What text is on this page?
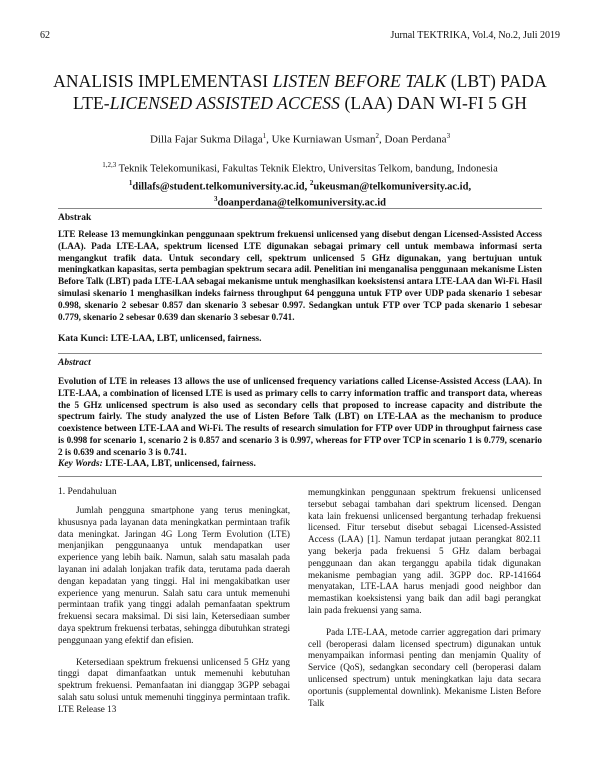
62	Jurnal TEKTRIKA, Vol.4, No.2, Juli 2019
ANALISIS IMPLEMENTASI LISTEN BEFORE TALK (LBT) PADA
LTE-LICENSED ASSISTED ACCESS (LAA) DAN WI-FI 5 GH
Dilla Fajar Sukma Dilaga$^1$, Uke Kurniawan Usman$^2$, Doan Perdana$^3$
$^{1,2,3}$ Teknik Telekomunikasi, Fakultas Teknik Elektro, Universitas Telkom, bandung, Indonesia
$^1$dillafs@student.telkomuniversity.ac.id, $^2$ukeusman@telkomuniversity.ac.id,
$^3$doanperdana@telkomuniversity.ac.id
Abstrak
LTE Release 13 memungkinkan penggunaan spektrum frekuensi unlicensed yang disebut dengan Licensed-Assisted Access (LAA). Pada LTE-LAA, spektrum licensed LTE digunakan sebagai primary cell untuk membawa informasi serta mengangkut trafik data. Untuk secondary cell, spektrum unlicensed 5 GHz digunakan, yang bertujuan untuk meningkatkan kapasitas, serta pembagian spektrum secara adil. Penelitian ini menganalisa penggunaan mekanisme Listen Before Talk (LBT) pada LTE-LAA sebagai mekanisme untuk menghasilkan koeksistensi antara LTE-LAA dan Wi-Fi. Hasil simulasi skenario 1 menghasilkan indeks fairness throughput 64 pengguna untuk FTP over UDP pada skenario 1 sebesar 0.998, skenario 2 sebesar 0.857 dan skenario 3 sebesar 0.997. Sedangkan untuk FTP over TCP pada skenario 1 sebesar 0.779, skenario 2 sebesar 0.639 dan skenario 3 sebesar 0.741.
Kata Kunci: LTE-LAA, LBT, unlicensed, fairness.
Abstract
Evolution of LTE in releases 13 allows the use of unlicensed frequency variations called License-Assisted Access (LAA). In LTE-LAA, a combination of licensed LTE is used as primary cells to carry information traffic and transport data, whereas the 5 GHz unlicensed spectrum is also used as secondary cells that proposed to increase capacity and distribute the spectrum fairly. The study analyzed the use of Listen Before Talk (LBT) on LTE-LAA as the mechanism to produce coexistence between LTE-LAA and Wi-Fi. The results of research simulation for FTP over UDP in throughput fairness case is 0.998 for scenario 1, scenario 2 is 0.857 and scenario 3 is 0.997, whereas for FTP over TCP in scenario 1 is 0.779, scenario 2 is 0.639 and scenario 3 is 0.741.
Key Words: LTE-LAA, LBT, unlicensed, fairness.
1. Pendahuluan

Jumlah pengguna smartphone yang terus meningkat, khususnya pada layanan data meningkatkan permintaan trafik data meningkat. Jaringan 4G Long Term Evolution (LTE) menjanjikan penggunaanya untuk mendapatkan user experience yang lebih baik. Namun, salah satu masalah pada layanan ini adalah lonjakan trafik data, terutama pada daerah dengan kepadatan yang tinggi. Hal ini mengakibatkan user experience yang menurun. Salah satu cara untuk memenuhi permintaan trafik yang tinggi adalah pemanfaatan spektrum frekuensi secara maksimal. Di sisi lain, Ketersediaan sumber daya spektrum frekuensi terbatas, sehingga dibutuhkan strategi penggunaan yang efektif dan efisien.

Ketersediaan spektrum frekuensi unlicensed 5 GHz yang tinggi dapat dimanfaatkan untuk memenuhi kebutuhan spektrum frekuensi. Pemanfaatan ini dianggap 3GPP sebagai salah satu solusi untuk memenuhi tingginya permintaan trafik. LTE Release 13

memungkinkan penggunaan spektrum frekuensi unlicensed tersebut sebagai tambahan dari spektrum licensed. Dengan kata lain frekuensi unlicensed bergantung terhadap frekuensi licensed. Fitur tersebut disebut sebagai Licensed-Assisted Access (LAA) [1]. Namun terdapat jutaan perangkat 802.11 yang bekerja pada frekuensi 5 GHz dalam berbagai penggunaan dan akan terganggu apabila tidak digunakan mekanisme pembagian yang adil. 3GPP doc. RP-141664 menyatakan, LTE-LAA harus menjadi good neighbor dan memastikan koeksistensi yang baik dan adil bagi perangkat lain pada frekuensi yang sama.

Pada LTE-LAA, metode carrier aggregation dari primary cell (beroperasi dalam licensed spectrum) digunakan untuk menyampaikan informasi penting dan menjamin Quality of Service (QoS), sedangkan secondary cell (beroperasi dalam unlicensed spectrum) untuk meningkatkan laju data secara oportunis (supplemental downlink). Mekanisme Listen Before Talk
